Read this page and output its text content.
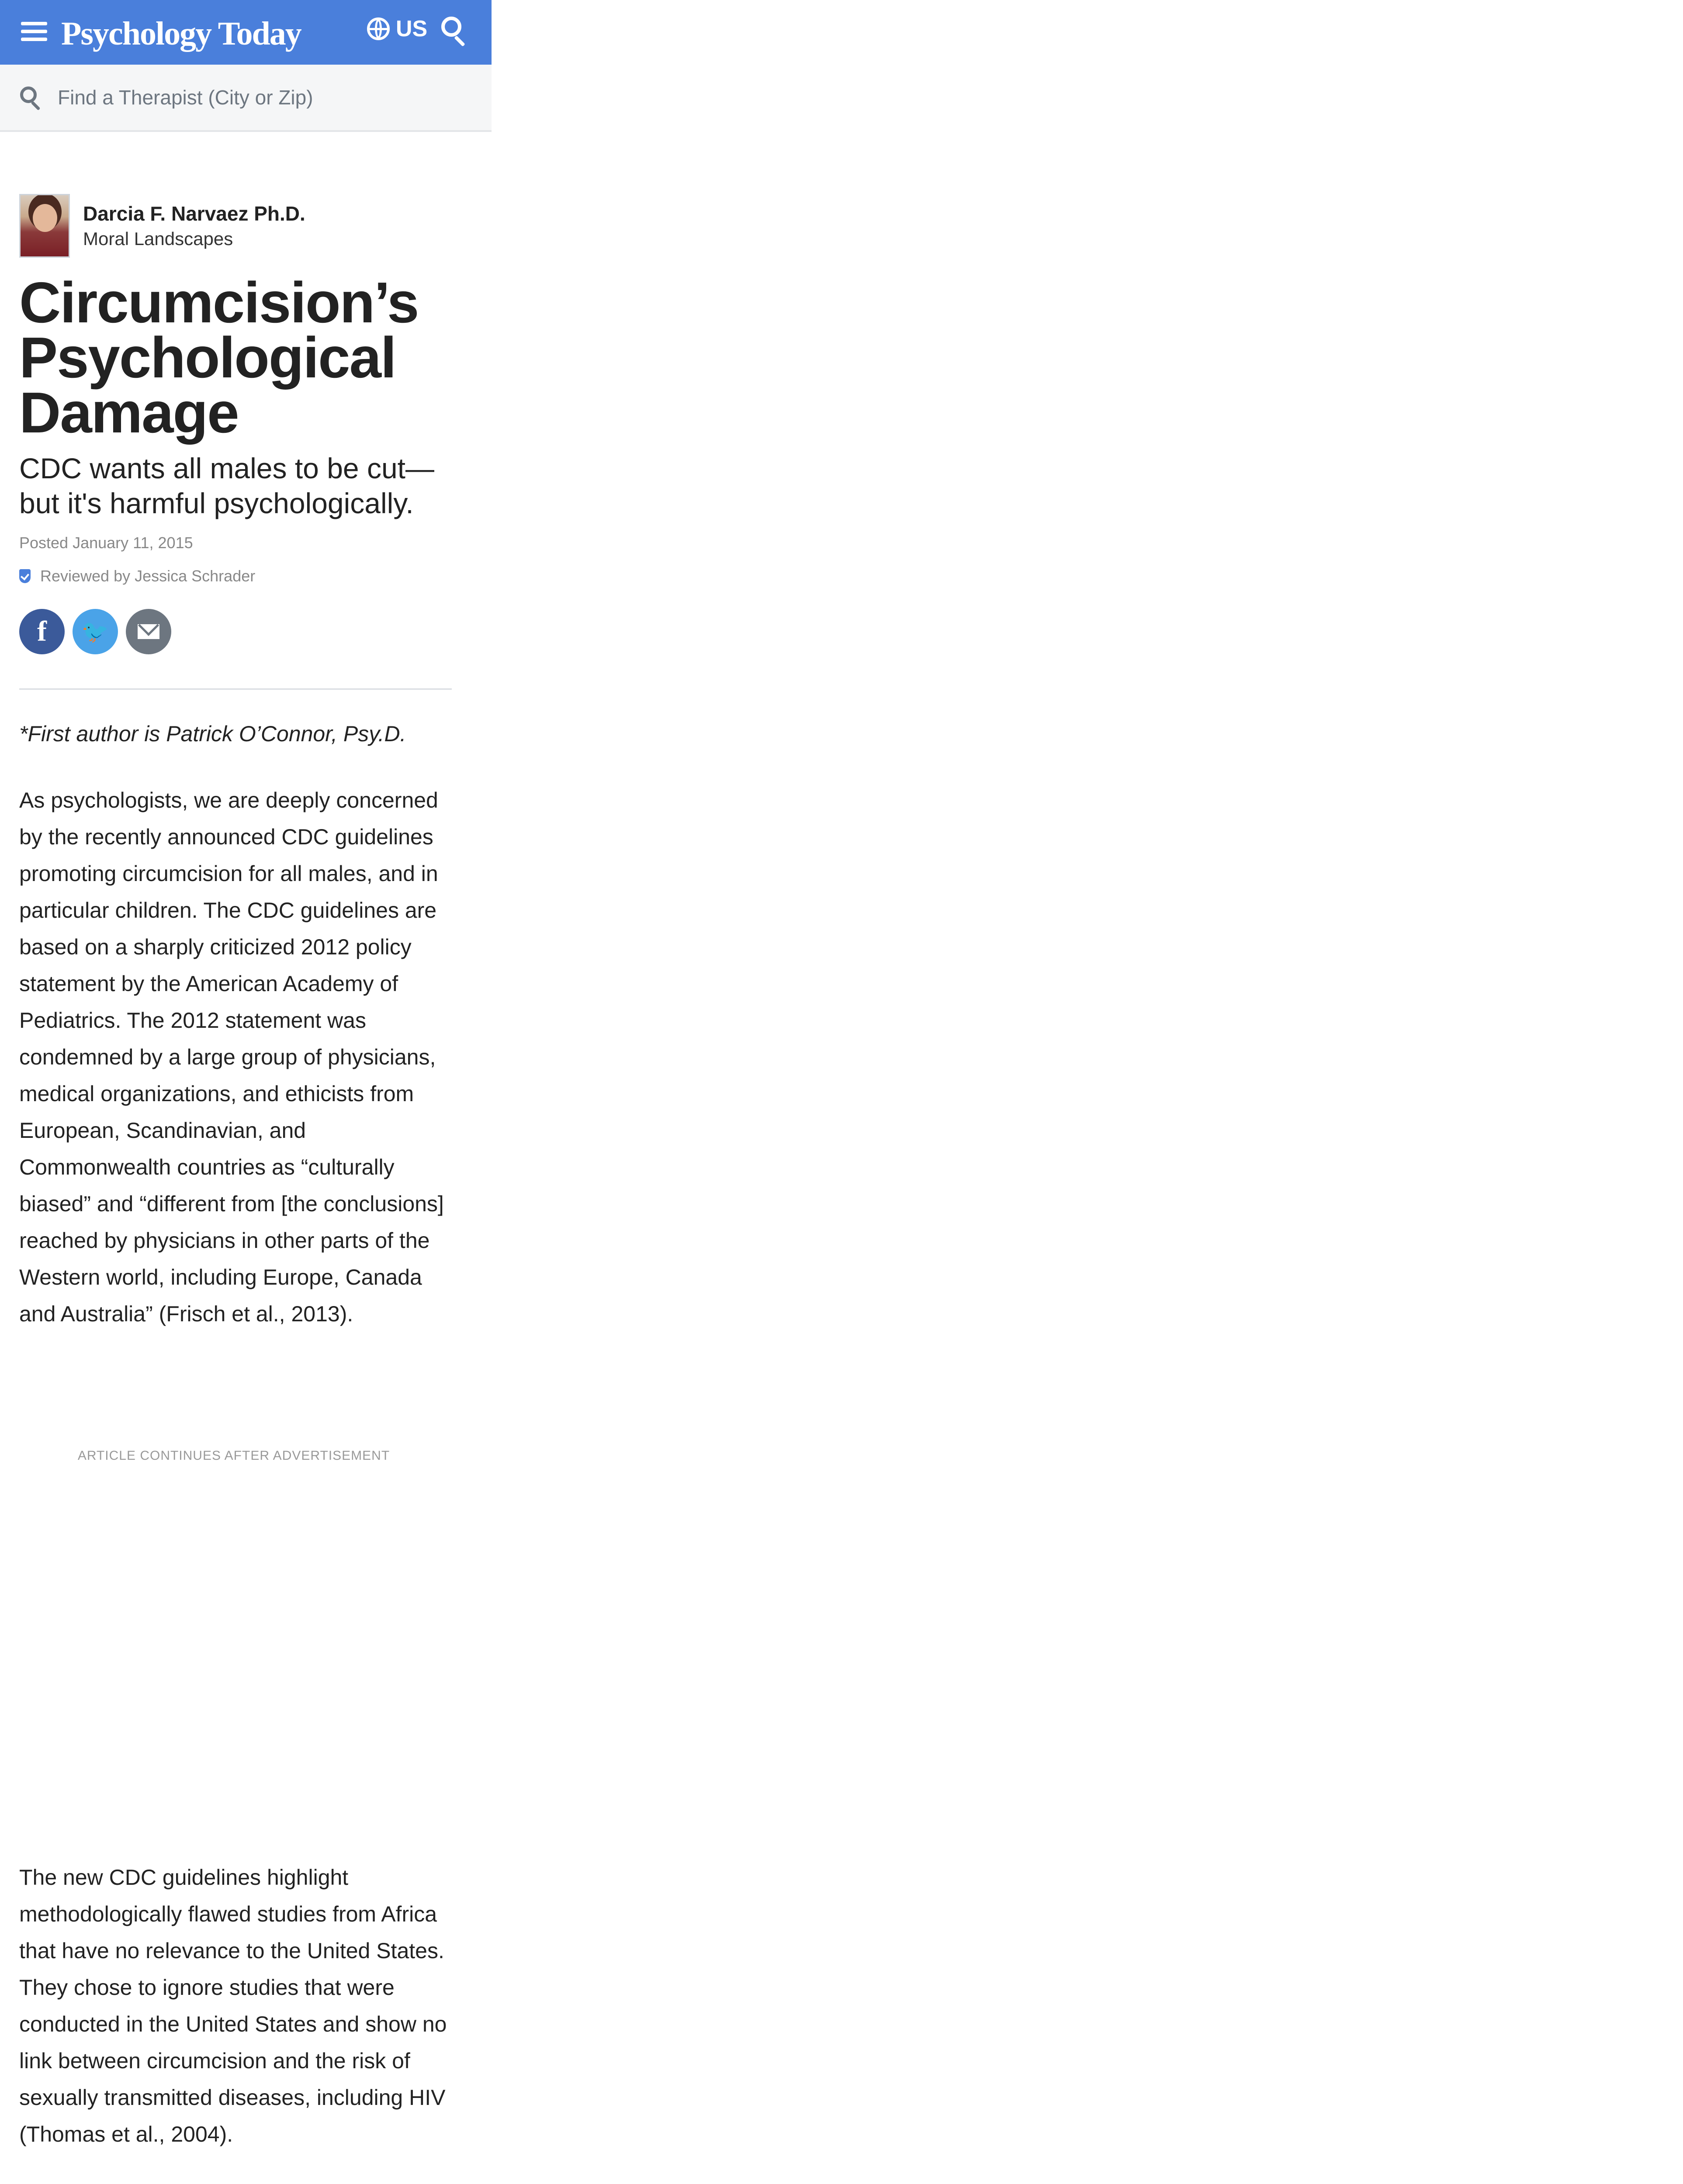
Psychology Today	US
Find a Therapist (City or Zip)
Darcia F. Narvaez Ph.D.
Moral Landscapes
Circumcision’s Psychological Damage

CDC wants all males to be cut—but it's harmful psychologically.

Posted January 11, 2015
Reviewed by Jessica Schrader
f 🐦

*First author is Patrick O’Connor, Psy.D.

As psychologists, we are deeply concerned by the recently announced CDC guidelines promoting circumcision for all males, and in particular children. The CDC guidelines are based on a sharply criticized 2012 policy statement by the American Academy of Pediatrics. The 2012 statement was condemned by a large group of physicians, medical organizations, and ethicists from European, Scandinavian, and Commonwealth countries as “culturally biased” and “different from [the conclusions] reached by physicians in other parts of the Western world, including Europe, Canada and Australia” (Frisch et al., 2013).

ARTICLE CONTINUES AFTER ADVERTISEMENT

The new CDC guidelines highlight methodologically flawed studies from Africa that have no relevance to the United States. They chose to ignore studies that were conducted in the United States and show no link between circumcision and the risk of sexually transmitted diseases, including HIV (Thomas et al., 2004).
